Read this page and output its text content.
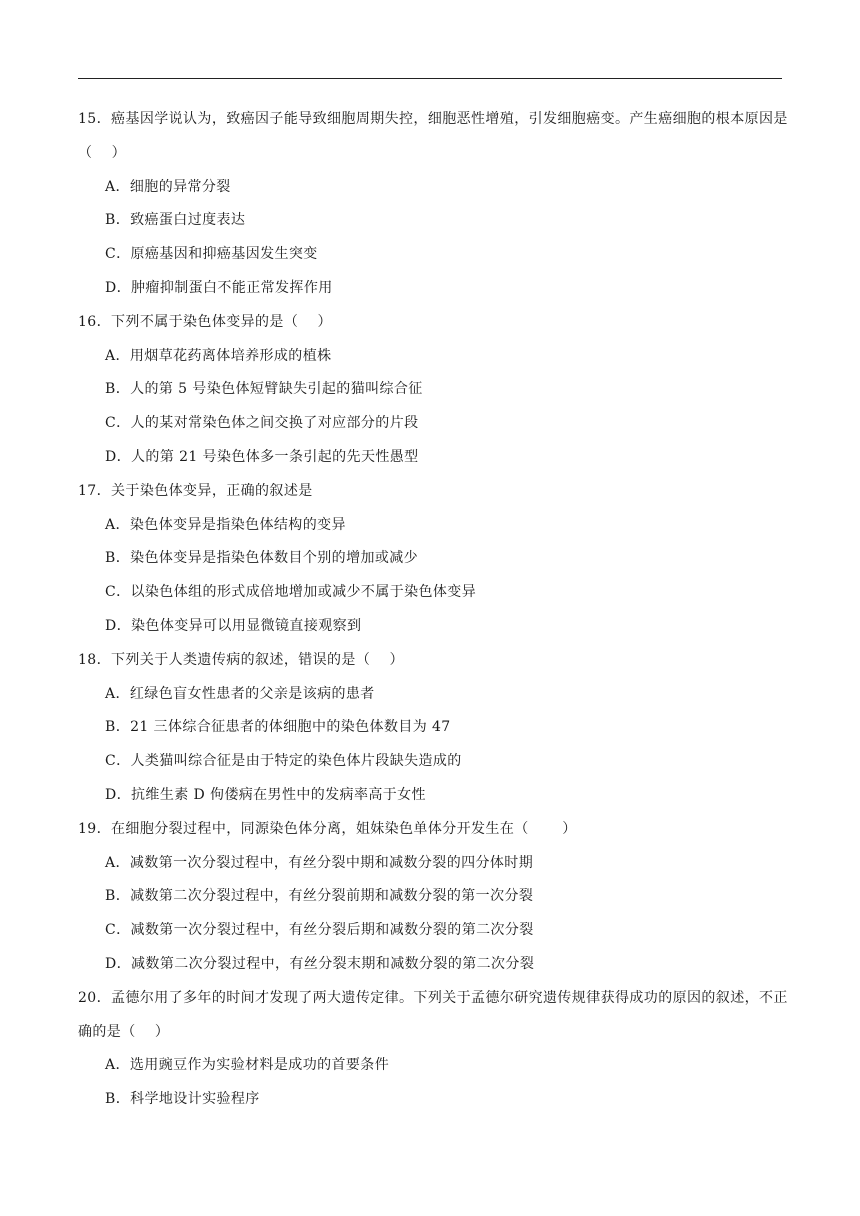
15．癌基因学说认为，致癌因子能导致细胞周期失控，细胞恶性增殖，引发细胞癌变。产生癌细胞的根本原因是（　 ）

A．细胞的异常分裂

B．致癌蛋白过度表达

C．原癌基因和抑癌基因发生突变

D．肿瘤抑制蛋白不能正常发挥作用

16．下列不属于染色体变异的是（　 ）

A．用烟草花药离体培养形成的植株

B．人的第 5 号染色体短臂缺失引起的猫叫综合征

C．人的某对常染色体之间交换了对应部分的片段

D．人的第 21 号染色体多一条引起的先天性愚型

17．关于染色体变异，正确的叙述是

A．染色体变异是指染色体结构的变异

B．染色体变异是指染色体数目个别的增加或减少

C．以染色体组的形式成倍地增加或减少不属于染色体变异

D．染色体变异可以用显微镜直接观察到

18．下列关于人类遗传病的叙述，错误的是（　 ）

A．红绿色盲女性患者的父亲是该病的患者

B．21 三体综合征患者的体细胞中的染色体数目为 47

C．人类猫叫综合征是由于特定的染色体片段缺失造成的

D．抗维生素 D 佝偻病在男性中的发病率高于女性

19．在细胞分裂过程中，同源染色体分离，姐妹染色单体分开发生在（　　 ）

A．减数第一次分裂过程中，有丝分裂中期和减数分裂的四分体时期

B．减数第二次分裂过程中，有丝分裂前期和减数分裂的第一次分裂

C．减数第一次分裂过程中，有丝分裂后期和减数分裂的第二次分裂

D．减数第二次分裂过程中，有丝分裂末期和减数分裂的第二次分裂

20．孟德尔用了多年的时间才发现了两大遗传定律。下列关于孟德尔研究遗传规律获得成功的原因的叙述，不正确的是（　 ）

A．选用豌豆作为实验材料是成功的首要条件

B．科学地设计实验程序
